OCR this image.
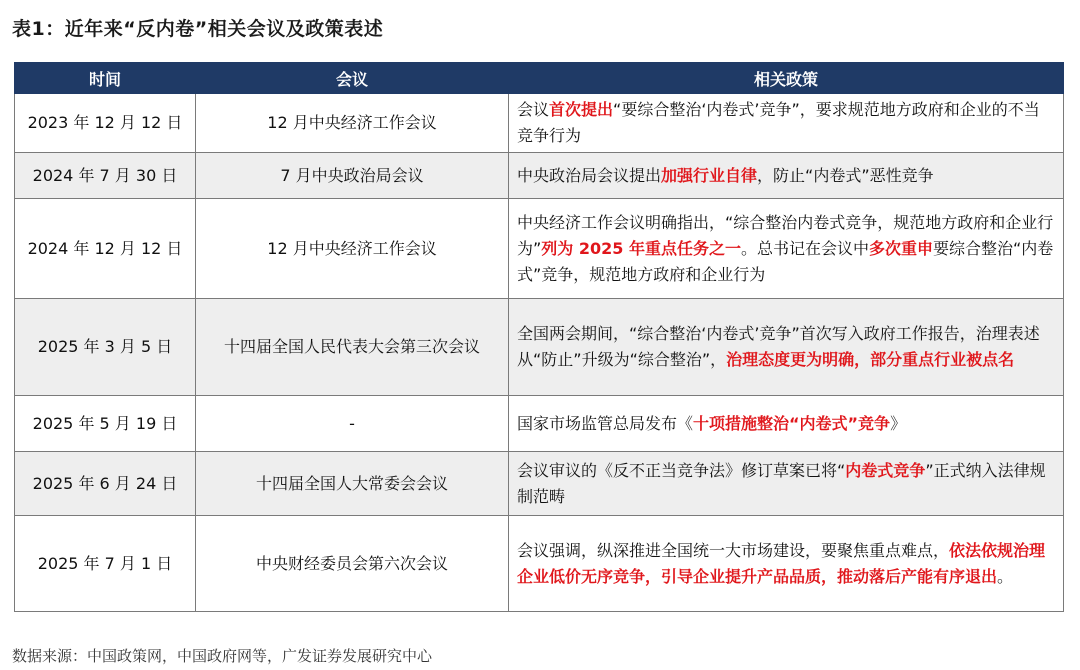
表1：近年来“反内卷”相关会议及政策表述
时间	会议	相关政策
2023 年 12 月 12 日	12 月中央经济工作会议	会议首次提出“要综合整治‘内卷式’竞争”，要求规范地方政府和企业的不当竞争行为
2024 年 7 月 30 日	7 月中央政治局会议	中央政治局会议提出加强行业自律，防止“内卷式”恶性竞争
2024 年 12 月 12 日	12 月中央经济工作会议	中央经济工作会议明确指出，“综合整治内卷式竞争，规范地方政府和企业行为”列为 2025 年重点任务之一。总书记在会议中多次重申要综合整治“内卷式”竞争，规范地方政府和企业行为
2025 年 3 月 5 日	十四届全国人民代表大会第三次会议	全国两会期间，“综合整治‘内卷式’竞争”首次写入政府工作报告，治理表述从“防止”升级为“综合整治”，治理态度更为明确，部分重点行业被点名
2025 年 5 月 19 日	-	国家市场监管总局发布《十项措施整治“内卷式”竞争》
2025 年 6 月 24 日	十四届全国人大常委会会议	会议审议的《反不正当竞争法》修订草案已将“内卷式竞争”正式纳入法律规制范畴
2025 年 7 月 1 日	中央财经委员会第六次会议	会议强调，纵深推进全国统一大市场建设，要聚焦重点难点，依法依规治理企业低价无序竞争，引导企业提升产品品质，推动落后产能有序退出。
数据来源：中国政策网，中国政府网等，广发证券发展研究中心
